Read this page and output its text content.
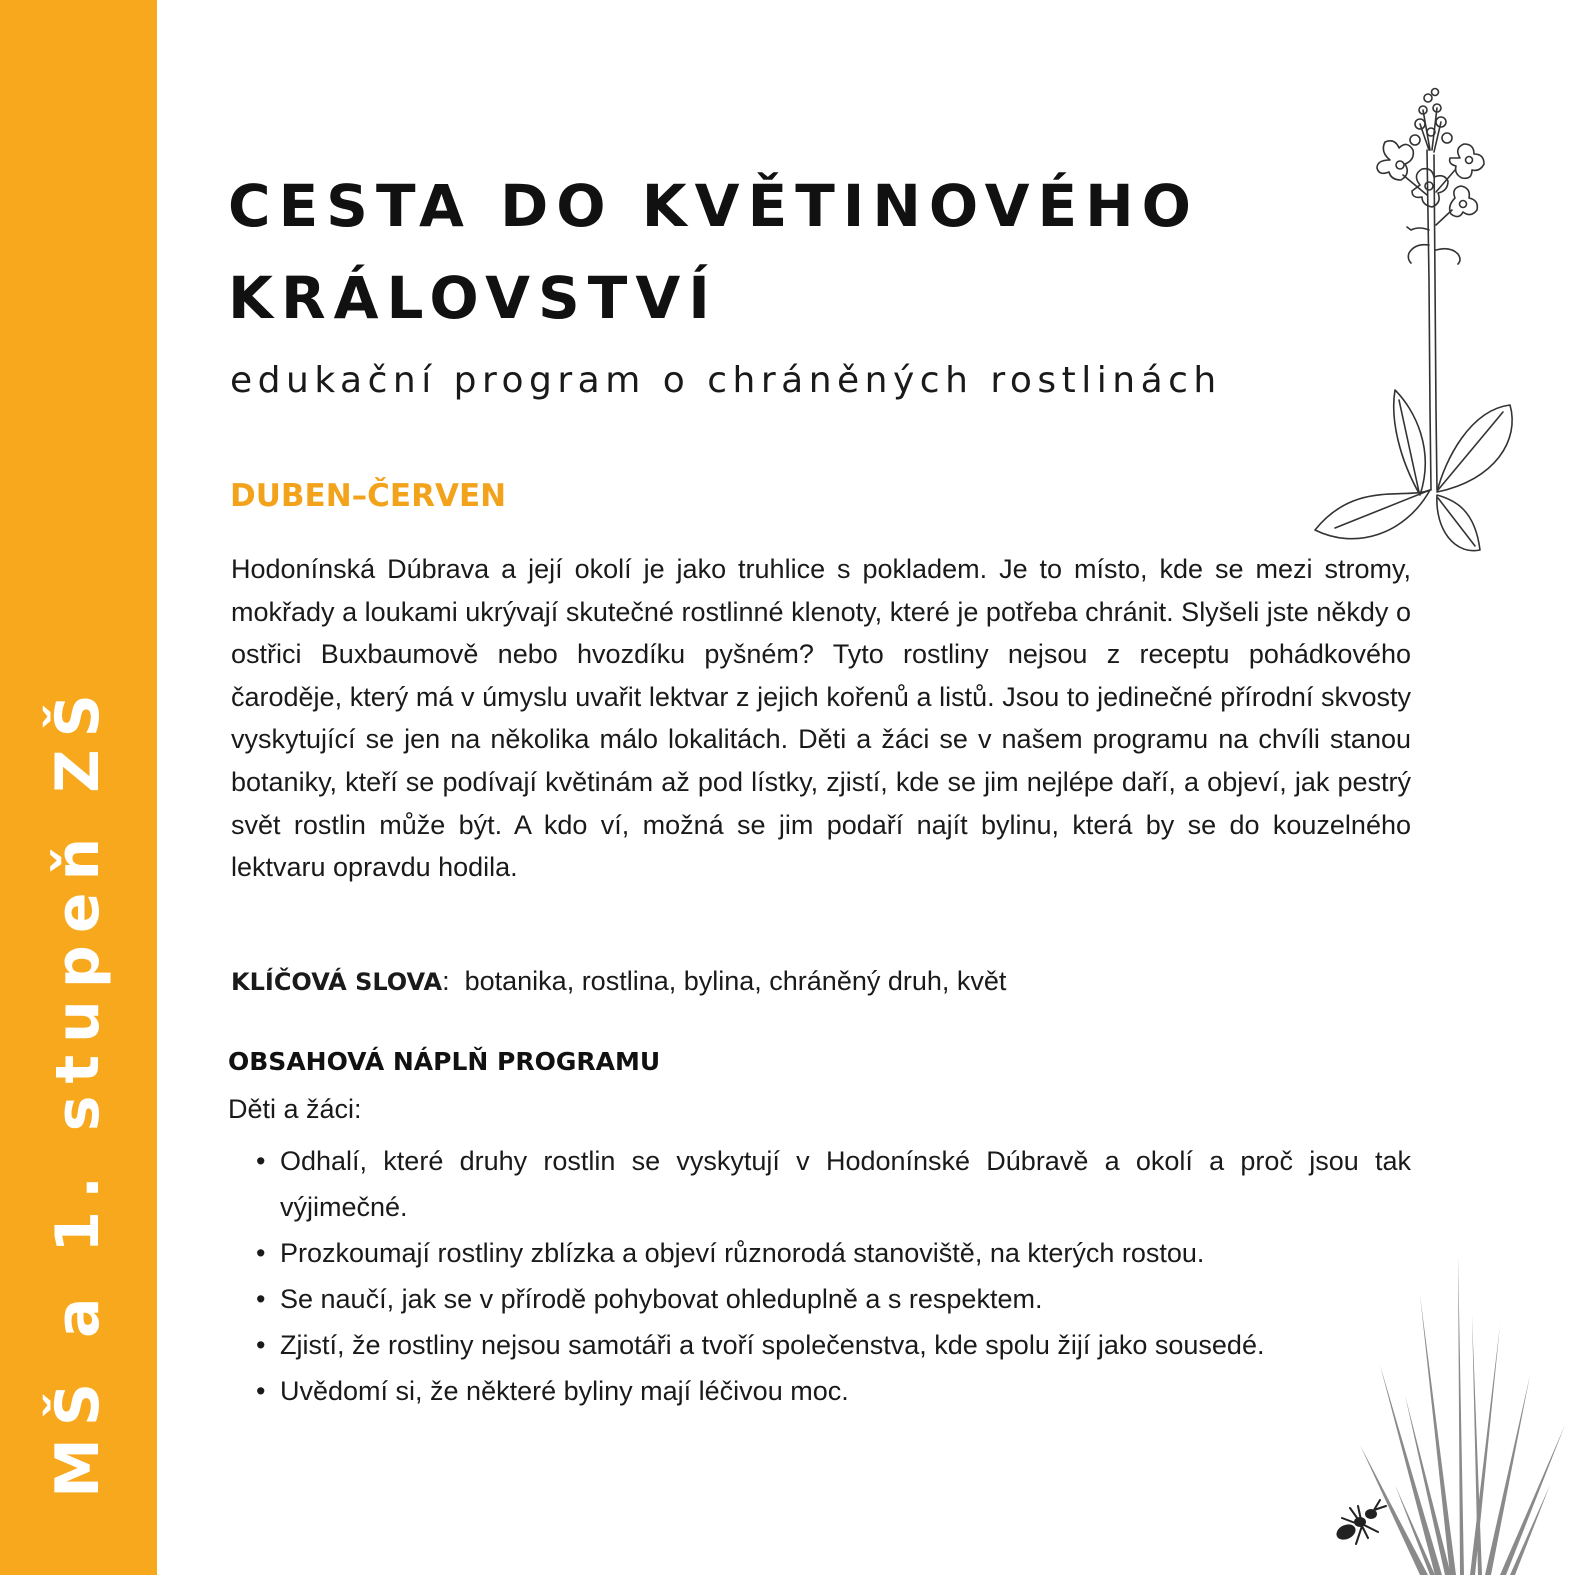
MŠ a 1. stupeň ZŠ
CESTA DO KVĚTINOVÉHO
KRÁLOVSTVÍ

edukační program o chráněných rostlinách

DUBEN–ČERVEN

Hodonínská Dúbrava a její okolí je jako truhlice s pokladem. Je to místo, kde se mezi stromy, mokřady a loukami ukrývají skutečné rostlinné klenoty, které je potřeba chránit. Slyšeli jste někdy o ostřici Buxbaumově nebo hvozdíku pyšném? Tyto rostliny nejsou z receptu pohádkového čaroděje, který má v úmyslu uvařit lektvar z jejich kořenů a listů. Jsou to jedinečné přírodní skvosty vyskytující se jen na několika málo lokalitách. Děti a žáci se v našem programu na chvíli stanou botaniky, kteří se podívají květinám až pod lístky, zjistí, kde se jim nejlépe daří, a objeví, jak pestrý svět rostlin může být. A kdo ví, možná se jim podaří najít bylinu, která by se do kouzelného lektvaru opravdu hodila.

KLÍČOVÁ SLOVA: botanika, rostlina, bylina, chráněný druh, květ

OBSAHOVÁ NÁPLŇ PROGRAMU

Děti a žáci:

• Odhalí, které druhy rostlin se vyskytují v Hodonínské Dúbravě a okolí a proč jsou tak výjimečné.
• Prozkoumají rostliny zblízka a objeví různorodá stanoviště, na kterých rostou.
• Se naučí, jak se v přírodě pohybovat ohleduplně a s respektem.
• Zjistí, že rostliny nejsou samotáři a tvoří společenstva, kde spolu žijí jako sousedé.
• Uvědomí si, že některé byliny mají léčivou moc.
